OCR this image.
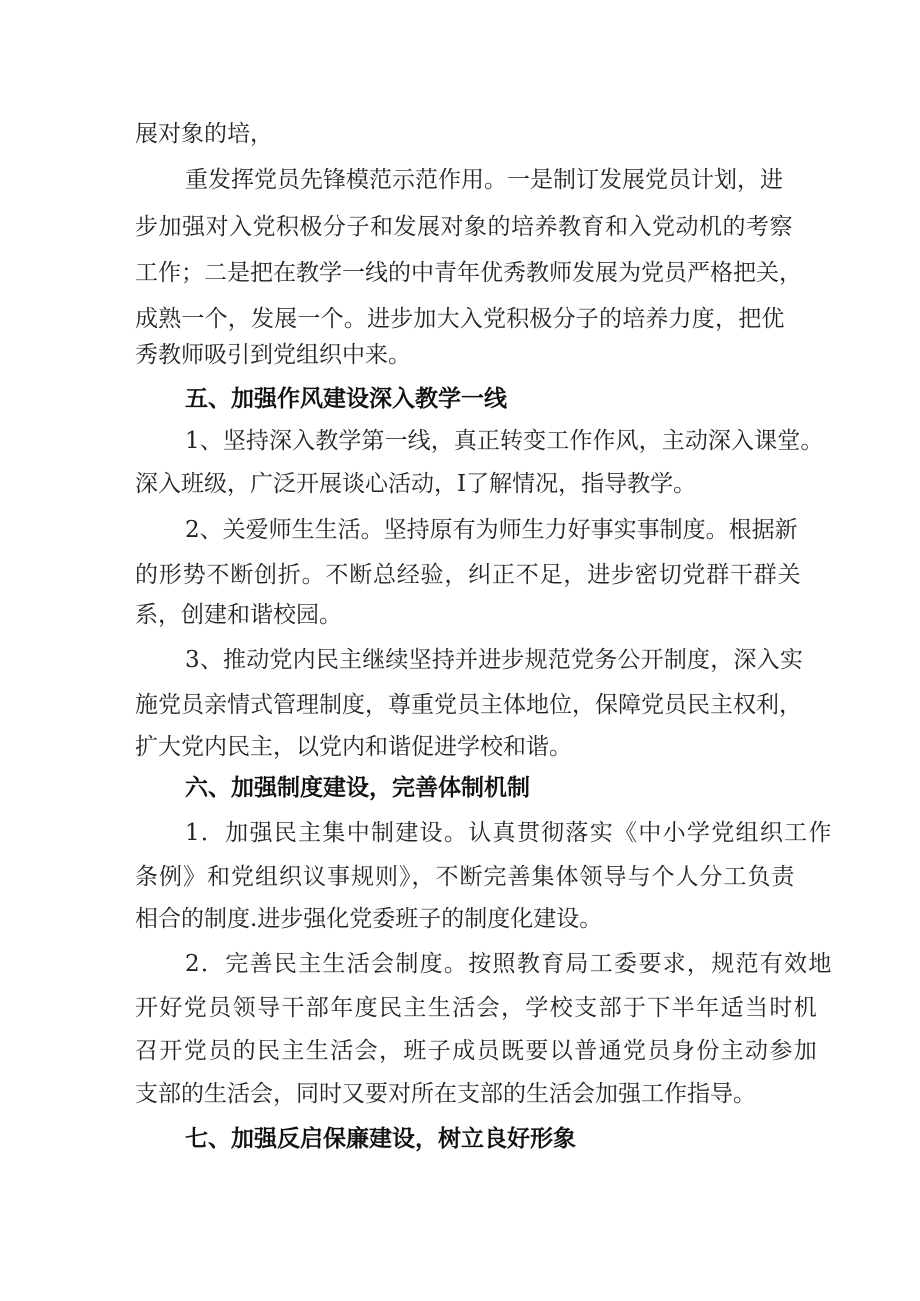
展对象的培，

重发挥党员先锋模范示范作用。一是制订发展党员计划，进

步加强对入党积极分子和发展对象的培养教育和入党动机的考察

工作；二是把在教学一线的中青年优秀教师发展为党员严格把关，

成熟一个，发展一个。进步加大入党积极分子的培养力度，把优

秀教师吸引到党组织中来。

五、加强作风建设深入教学一线

1、坚持深入教学第一线，真正转变工作作风，主动深入课堂。

深入班级，广泛开展谈心活动，I了解情况，指导教学。

2、关爱师生生活。坚持原有为师生力好事实事制度。根据新

的形势不断创折。不断总经验，纠正不足，进步密切党群干群关

系，创建和谐校园。

3、推动党内民主继续坚持并进步规范党务公开制度，深入实

施党员亲情式管理制度，尊重党员主体地位，保障党员民主权利，

扩大党内民主，以党内和谐促进学校和谐。

六、加强制度建设，完善体制机制

1．加强民主集中制建设。认真贯彻落实《中小学党组织工作

条例》和党组织议事规则》，不断完善集体领导与个人分工负责

相合的制度.进步强化党委班子的制度化建设。

2．完善民主生活会制度。按照教育局工委要求，规范有效地

开好党员领导干部年度民主生活会，学校支部于下半年适当时机

召开党员的民主生活会，班子成员既要以普通党员身份主动参加

支部的生活会，同时又要对所在支部的生活会加强工作指导。

七、加强反启保廉建设，树立良好形象
